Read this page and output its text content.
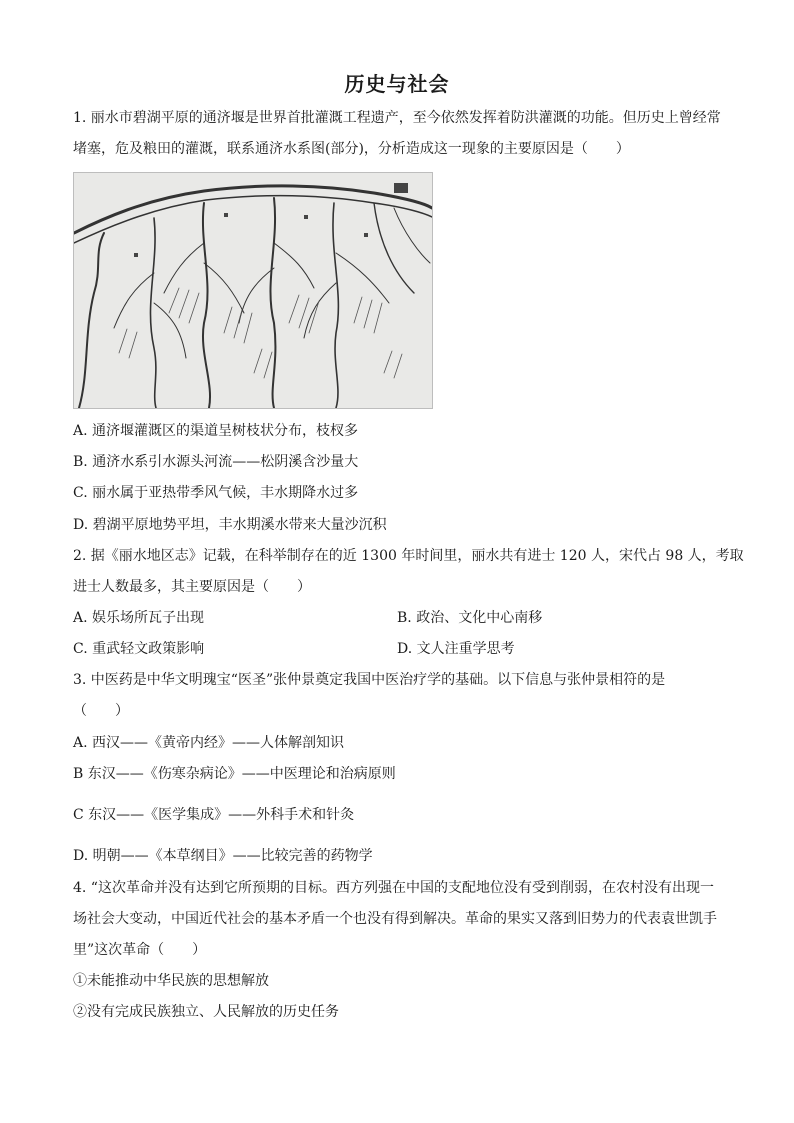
历史与社会
1. 丽水市碧湖平原的通济堰是世界首批灌溉工程遗产，至今依然发挥着防洪灌溉的功能。但历史上曾经常
堵塞，危及粮田的灌溉，联系通济水系图(部分)，分析造成这一现象的主要原因是（　　）
A. 通济堰灌溉区的渠道呈树枝状分布，枝杈多
B. 通济水系引水源头河流——松阴溪含沙量大
C. 丽水属于亚热带季风气候，丰水期降水过多
D. 碧湖平原地势平坦，丰水期溪水带来大量沙沉积
2. 据《丽水地区志》记载，在科举制存在的近 1300 年时间里，丽水共有进士 120 人，宋代占 98 人，考取
进士人数最多，其主要原因是（　　）
A. 娱乐场所瓦子出现	B. 政治、文化中心南移
C. 重武轻文政策影响	D. 文人注重学思考
3. 中医药是中华文明瑰宝“医圣”张仲景奠定我国中医治疗学的基础。以下信息与张仲景相符的是
（　　）
A. 西汉——《黄帝内经》——人体解剖知识
B 东汉——《伤寒杂病论》——中医理论和治病原则
C 东汉——《医学集成》——外科手术和针灸
D. 明朝——《本草纲目》——比较完善的药物学
4. “这次革命并没有达到它所预期的目标。西方列强在中国的支配地位没有受到削弱，在农村没有出现一
场社会大变动，中国近代社会的基本矛盾一个也没有得到解决。革命的果实又落到旧势力的代表袁世凯手
里”这次革命（　　）
①未能推动中华民族的思想解放
②没有完成民族独立、人民解放的历史任务
